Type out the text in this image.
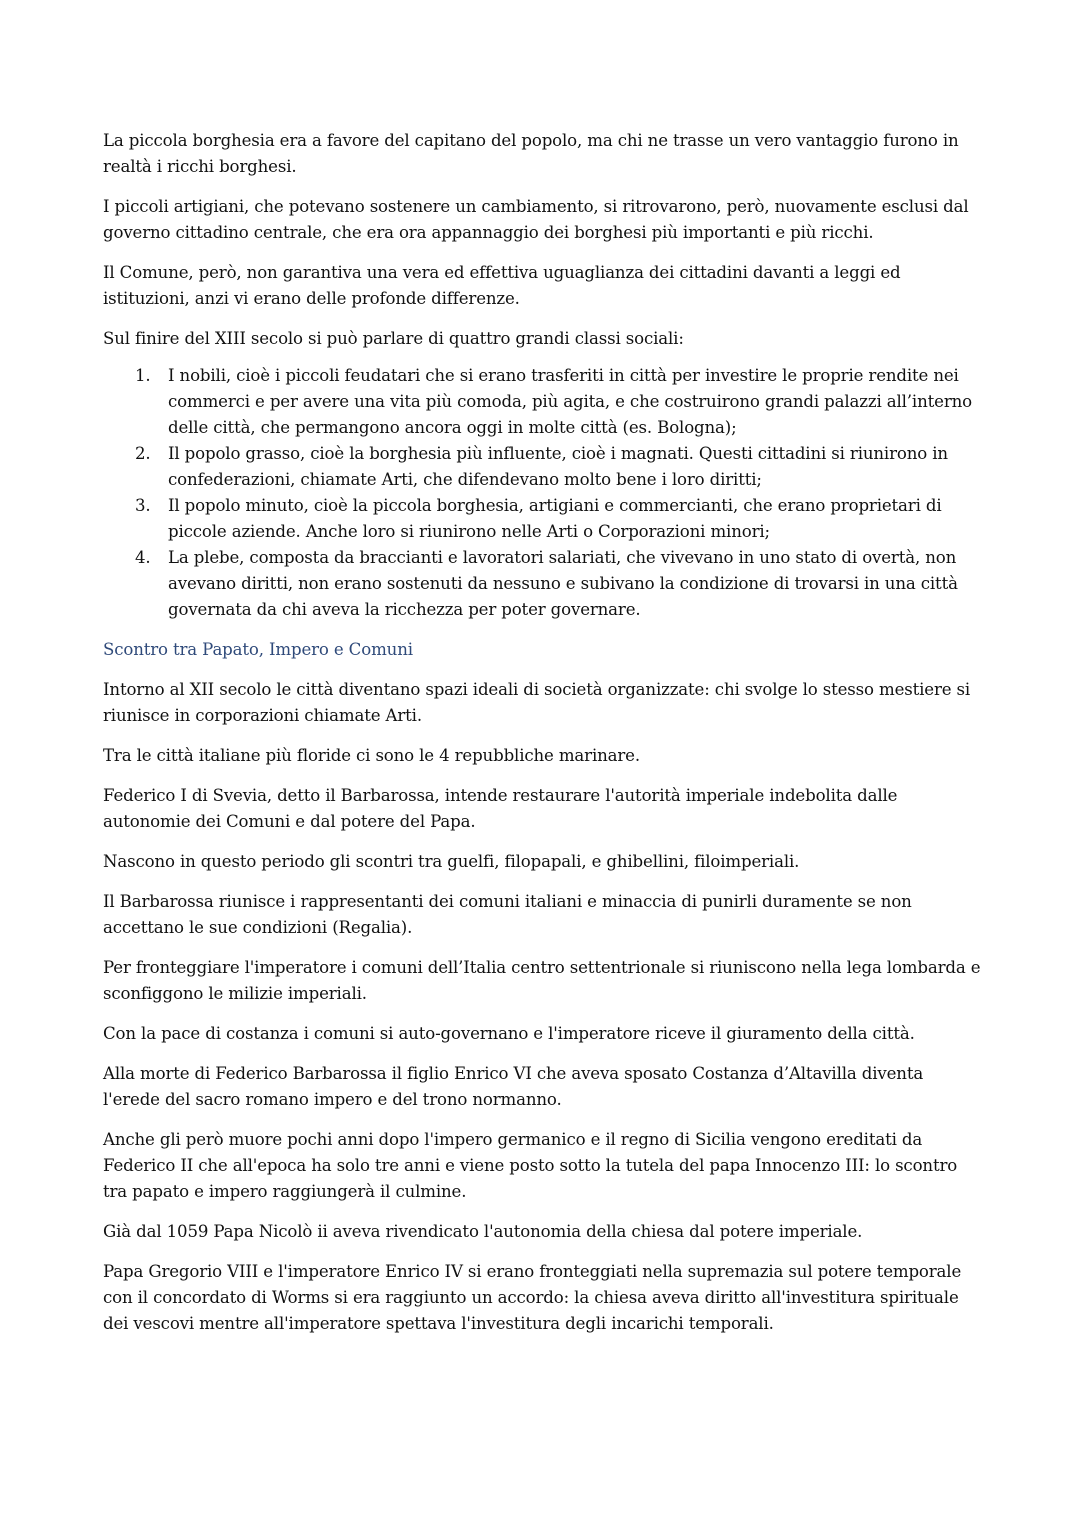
La piccola borghesia era a favore del capitano del popolo, ma chi ne trasse un vero vantaggio furono in realtà i ricchi borghesi.

I piccoli artigiani, che potevano sostenere un cambiamento, si ritrovarono, però, nuovamente esclusi dal governo cittadino centrale, che era ora appannaggio dei borghesi più importanti e più ricchi.

Il Comune, però, non garantiva una vera ed effettiva uguaglianza dei cittadini davanti a leggi ed istituzioni, anzi vi erano delle profonde differenze.

Sul finire del XIII secolo si può parlare di quattro grandi classi sociali:

1. I nobili, cioè i piccoli feudatari che si erano trasferiti in città per investire le proprie rendite nei commerci e per avere una vita più comoda, più agita, e che costruirono grandi palazzi all’interno delle città, che permangono ancora oggi in molte città (es. Bologna);
2. Il popolo grasso, cioè la borghesia più influente, cioè i magnati. Questi cittadini si riunirono in confederazioni, chiamate Arti, che difendevano molto bene i loro diritti;
3. Il popolo minuto, cioè la piccola borghesia, artigiani e commercianti, che erano proprietari di piccole aziende. Anche loro si riunirono nelle Arti o Corporazioni minori;
4. La plebe, composta da braccianti e lavoratori salariati, che vivevano in uno stato di overtà, non avevano diritti, non erano sostenuti da nessuno e subivano la condizione di trovarsi in una città governata da chi aveva la ricchezza per poter governare.

Scontro tra Papato, Impero e Comuni

Intorno al XII secolo le città diventano spazi ideali di società organizzate: chi svolge lo stesso mestiere si riunisce in corporazioni chiamate Arti.

Tra le città italiane più floride ci sono le 4 repubbliche marinare.

Federico I di Svevia, detto il Barbarossa, intende restaurare l'autorità imperiale indebolita dalle autonomie dei Comuni e dal potere del Papa.

Nascono in questo periodo gli scontri tra guelfi, filopapali, e ghibellini, filoimperiali.

Il Barbarossa riunisce i rappresentanti dei comuni italiani e minaccia di punirli duramente se non accettano le sue condizioni (Regalia).

Per fronteggiare l'imperatore i comuni dell’Italia centro settentrionale si riuniscono nella lega lombarda e sconfiggono le milizie imperiali.

Con la pace di costanza i comuni si auto-governano e l'imperatore riceve il giuramento della città.

Alla morte di Federico Barbarossa il figlio Enrico VI che aveva sposato Costanza d’Altavilla diventa l'erede del sacro romano impero e del trono normanno.

Anche gli però muore pochi anni dopo l'impero germanico e il regno di Sicilia vengono ereditati da Federico II che all'epoca ha solo tre anni e viene posto sotto la tutela del papa Innocenzo III: lo scontro tra papato e impero raggiungerà il culmine.

Già dal 1059 Papa Nicolò ii aveva rivendicato l'autonomia della chiesa dal potere imperiale.

Papa Gregorio VIII e l'imperatore Enrico IV si erano fronteggiati nella supremazia sul potere temporale con il concordato di Worms si era raggiunto un accordo: la chiesa aveva diritto all'investitura spirituale dei vescovi mentre all'imperatore spettava l'investitura degli incarichi temporali.
